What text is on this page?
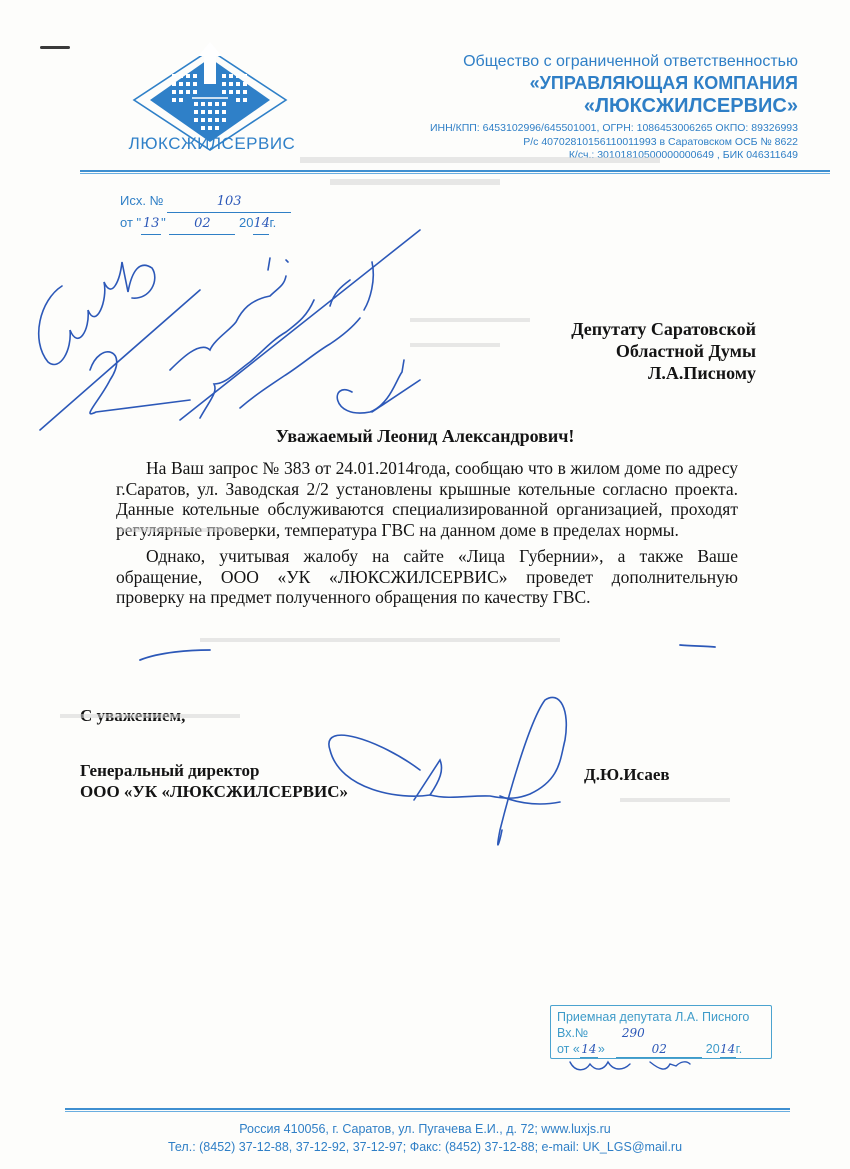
ЛЮКСЖИЛСЕРВИС
Общество с ограниченной ответственностью
«УПРАВЛЯЮЩАЯ КОМПАНИЯ
«ЛЮКСЖИЛСЕРВИС»
ИНН/КПП: 6453102996/645501001, ОГРН: 1086453006265 ОКПО: 89326993
Р/с 40702810156110011993 в Саратовском ОСБ № 8622
К/сч.: 30101810500000000649 , БИК 046311649
Исх. №	103
от " 13 " 02 2014г.
Депутату Саратовской
Областной Думы
Л.А.Писному
Уважаемый Леонид Александрович!

На Ваш запрос № 383 от 24.01.2014года, сообщаю что в жилом доме по адресу г.Саратов, ул. Заводская 2/2 установлены крышные котельные согласно проекта. Данные котельные обслуживаются специализированной организацией, проходят регулярные проверки, температура ГВС на данном доме в пределах нормы.

Однако, учитывая жалобу на сайте «Лица Губернии», а также Ваше обращение, ООО «УК «ЛЮКСЖИЛСЕРВИС» проведет дополнительную проверку на предмет полученного обращения по качеству ГВС.

С уважением,
Генеральный директор
ООО «УК «ЛЮКСЖИЛСЕРВИС»
Д.Ю.Исаев
Приемная депутата Л.А. Писного
Вх.№	290
от «14»	02	2014г.
Россия 410056, г. Саратов, ул. Пугачева Е.И., д. 72; www.luxjs.ru
Тел.: (8452) 37-12-88, 37-12-92, 37-12-97; Факс: (8452) 37-12-88; e-mail: UK_LGS@mail.ru
